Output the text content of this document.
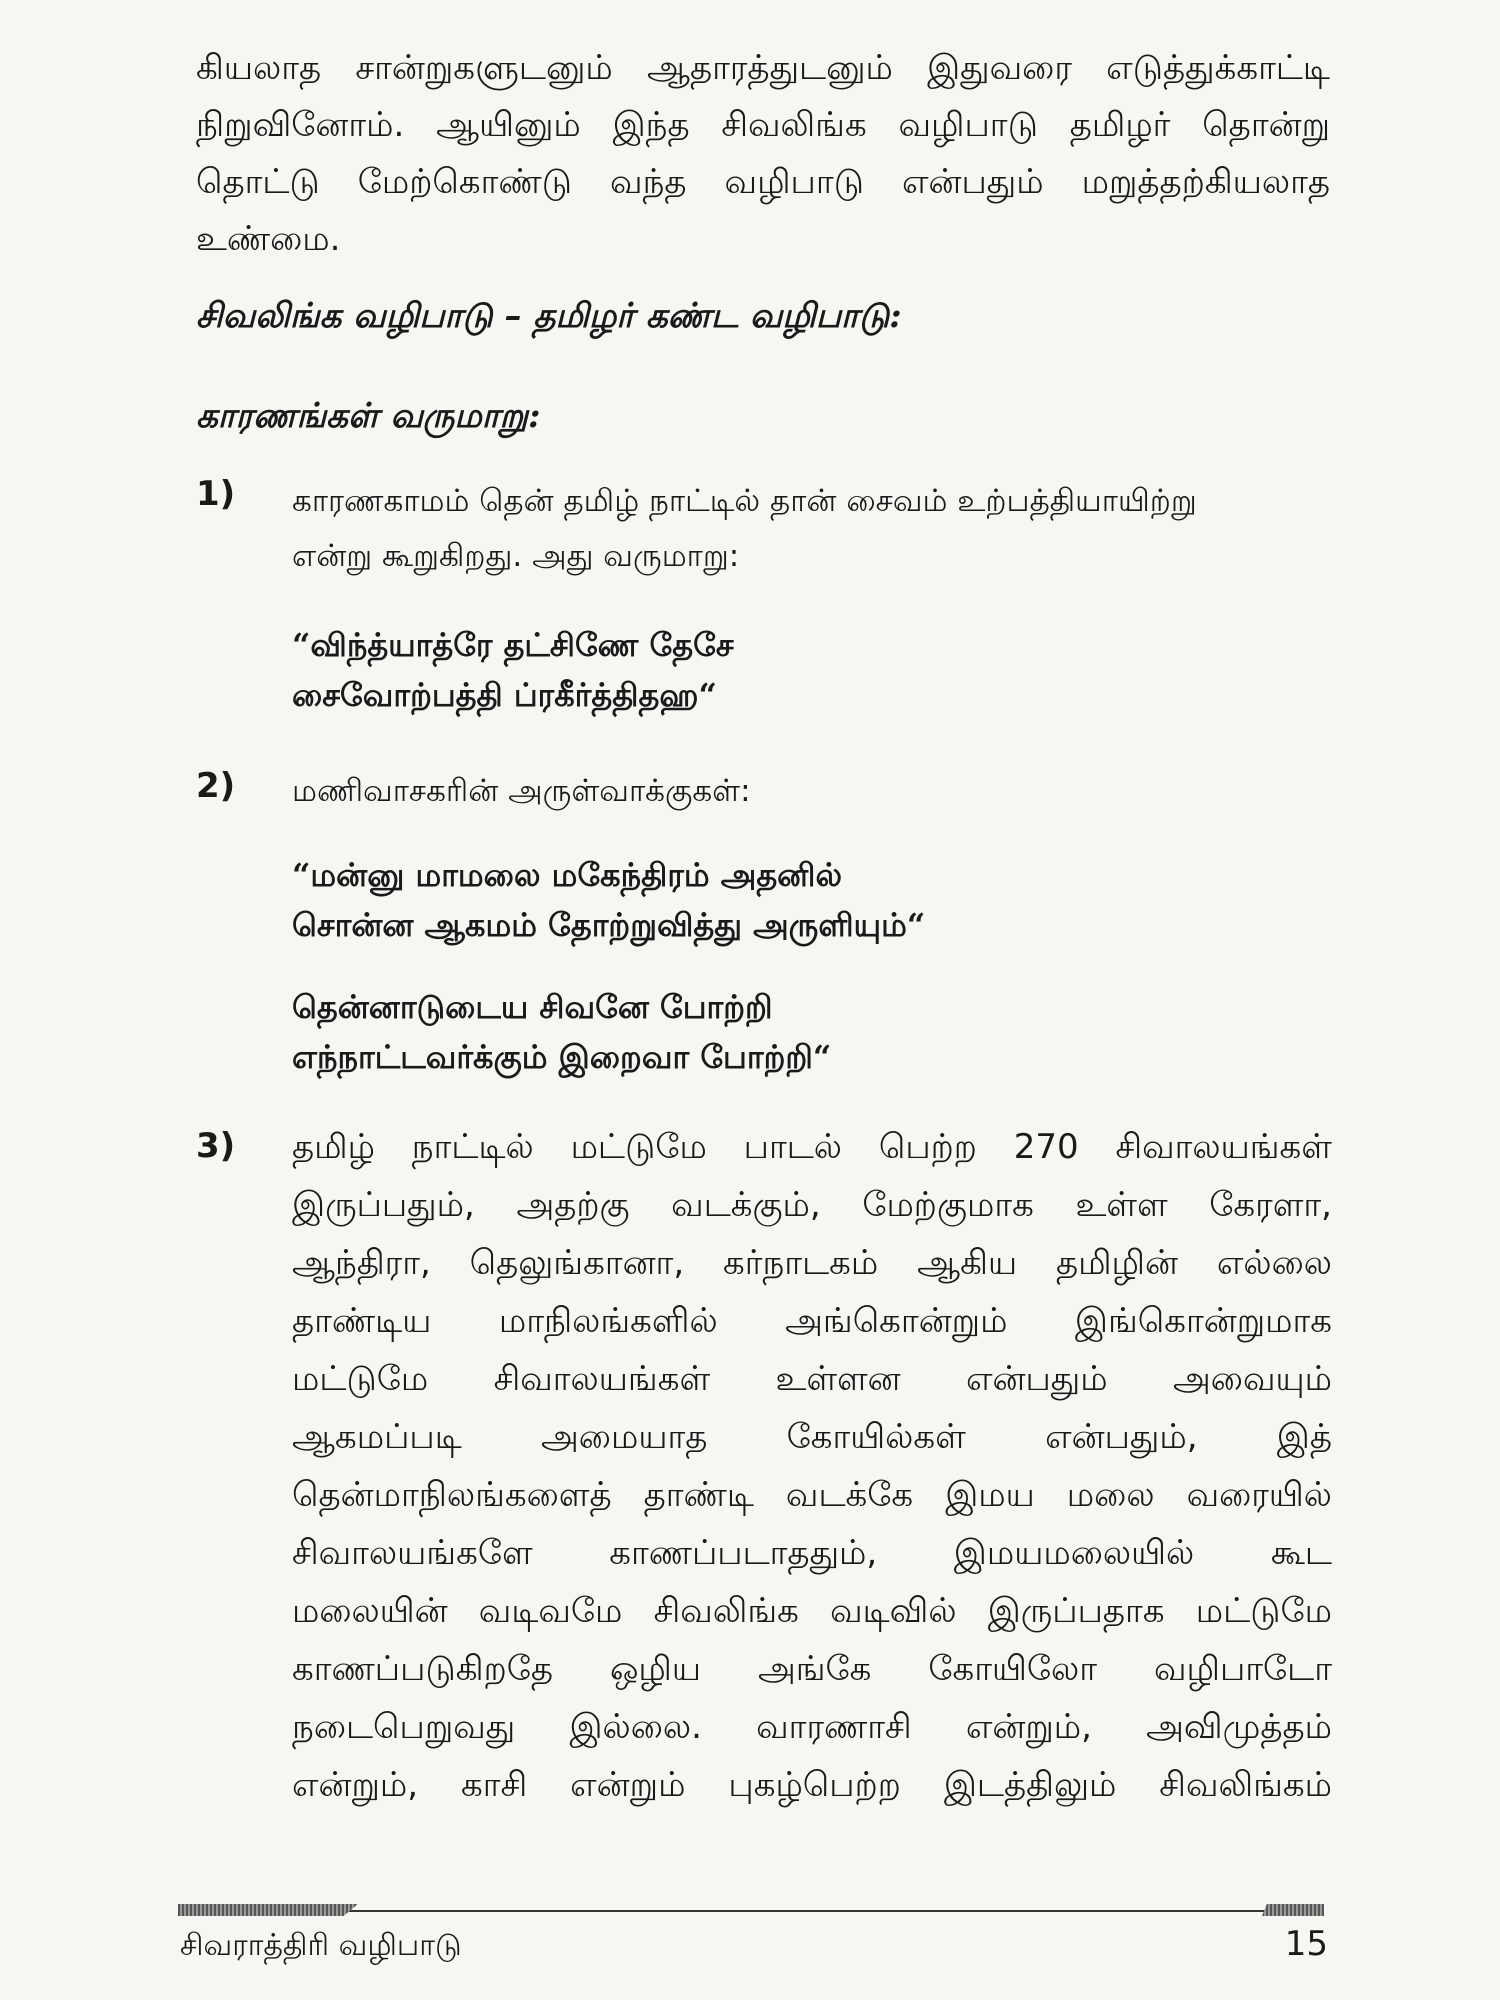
கியலாத சான்றுகளுடனும் ஆதாரத்துடனும் இதுவரை எடுத்துக்காட்டி
நிறுவினோம். ஆயினும் இந்த சிவலிங்க வழிபாடு தமிழர் தொன்று
தொட்டு மேற்கொண்டு வந்த வழிபாடு என்பதும் மறுத்தற்கியலாத
உண்மை.
சிவலிங்க வழிபாடு – தமிழர் கண்ட வழிபாடு:
காரணங்கள் வருமாறு:
1) காரணகாமம் தென் தமிழ் நாட்டில் தான் சைவம் உற்பத்தியாயிற்று
என்று கூறுகிறது. அது வருமாறு:
“விந்த்யாத்ரே தட்சிணே தேசே
சைவோற்பத்தி ப்ரகீர்த்திதஹ“
2) மணிவாசகரின் அருள்வாக்குகள்:
“மன்னு மாமலை மகேந்திரம் அதனில்
சொன்ன ஆகமம் தோற்றுவித்து அருளியும்“
தென்னாடுடைய சிவனே போற்றி
எந்நாட்டவர்க்கும் இறைவா போற்றி“
3) தமிழ் நாட்டில் மட்டுமே பாடல் பெற்ற 270 சிவாலயங்கள்
இருப்பதும், அதற்கு வடக்கும், மேற்குமாக உள்ள கேரளா,
ஆந்திரா, தெலுங்கானா, கர்நாடகம் ஆகிய தமிழின் எல்லை
தாண்டிய மாநிலங்களில் அங்கொன்றும் இங்கொன்றுமாக
மட்டுமே சிவாலயங்கள் உள்ளன என்பதும் அவையும்
ஆகமப்படி அமையாத கோயில்கள் என்பதும், இத்
தென்மாநிலங்களைத் தாண்டி வடக்கே இமய மலை வரையில்
சிவாலயங்களே காணப்படாததும், இமயமலையில் கூட
மலையின் வடிவமே சிவலிங்க வடிவில் இருப்பதாக மட்டுமே
காணப்படுகிறதே ஒழிய அங்கே கோயிலோ வழிபாடோ
நடைபெறுவது இல்லை. வாரணாசி என்றும், அவிமுத்தம்
என்றும், காசி என்றும் புகழ்பெற்ற இடத்திலும் சிவலிங்கம்
சிவராத்திரி வழிபாடு	15
